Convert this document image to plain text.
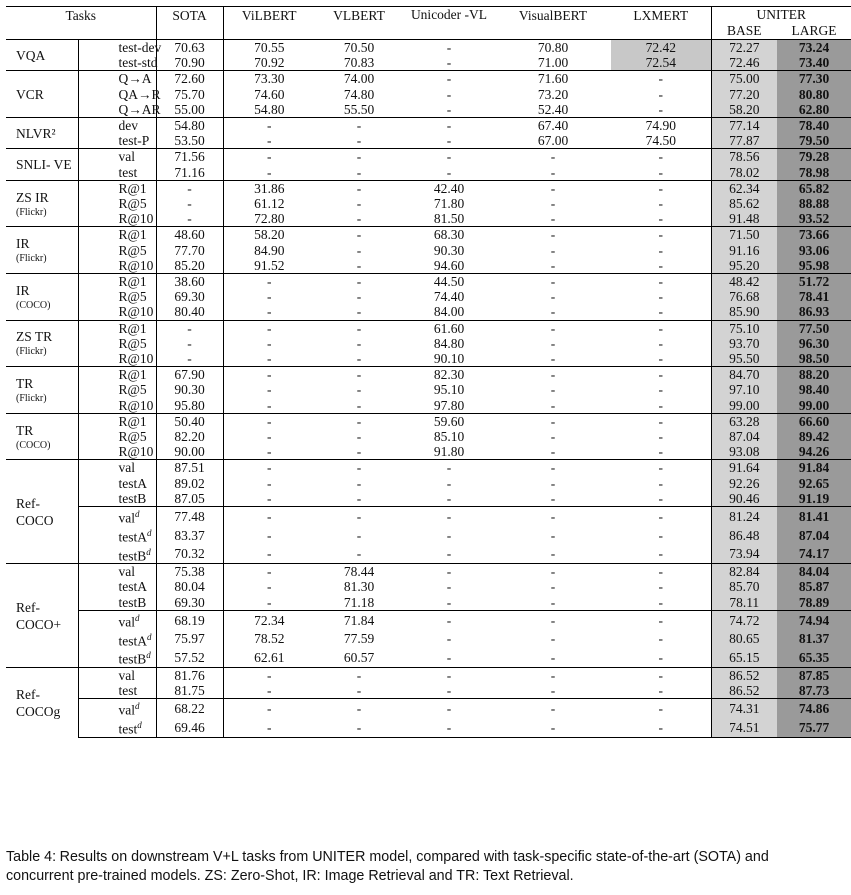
Tasks		SOTA	ViLBERT	VLBERT	Unicoder -VL	VisualBERT	LXMERT	UNITER	
								BASE	LARGE
VQA	test-dev	70.63	70.55	70.50	-	70.80	72.42	72.27	73.24
	test-std	70.90	70.92	70.83	-	71.00	72.54	72.46	73.40
VCR	Q→A	72.60	73.30	74.00	-	71.60	-	75.00	77.30
	QA→R	75.70	74.60	74.80	-	73.20	-	77.20	80.80
	Q→AR	55.00	54.80	55.50	-	52.40	-	58.20	62.80
NLVR²	dev	54.80	-	-	-	67.40	74.90	77.14	78.40
	test-P	53.50	-	-	-	67.00	74.50	77.87	79.50
SNLI- VE	val	71.56	-	-	-	-	-	78.56	79.28
	test	71.16	-	-	-	-	-	78.02	78.98
ZS IR
(Flickr)	R@1	-	31.86	-	42.40	-	-	62.34	65.82
	R@5	-	61.12	-	71.80	-	-	85.62	88.88
	R@10	-	72.80	-	81.50	-	-	91.48	93.52
IR
(Flickr)	R@1	48.60	58.20	-	68.30	-	-	71.50	73.66
	R@5	77.70	84.90	-	90.30	-	-	91.16	93.06
	R@10	85.20	91.52	-	94.60	-	-	95.20	95.98
IR
(COCO)	R@1	38.60	-	-	44.50	-	-	48.42	51.72
	R@5	69.30	-	-	74.40	-	-	76.68	78.41
	R@10	80.40	-	-	84.00	-	-	85.90	86.93
ZS TR
(Flickr)	R@1	-	-	-	61.60	-	-	75.10	77.50
	R@5	-	-	-	84.80	-	-	93.70	96.30
	R@10	-	-	-	90.10	-	-	95.50	98.50
TR
(Flickr)	R@1	67.90	-	-	82.30	-	-	84.70	88.20
	R@5	90.30	-	-	95.10	-	-	97.10	98.40
	R@10	95.80	-	-	97.80	-	-	99.00	99.00
TR
(COCO)	R@1	50.40	-	-	59.60	-	-	63.28	66.60
	R@5	82.20	-	-	85.10	-	-	87.04	89.42
	R@10	90.00	-	-	91.80	-	-	93.08	94.26
Ref- COCO	val	87.51	-	-	-	-	-	91.64	91.84
	testA	89.02	-	-	-	-	-	92.26	92.65
	testB	87.05	-	-	-	-	-	90.46	91.19
	val$^d$	77.48	-	-	-	-	-	81.24	81.41
	testA$^d$	83.37	-	-	-	-	-	86.48	87.04
	testB$^d$	70.32	-	-	-	-	-	73.94	74.17
Ref- COCO+	val	75.38	-	78.44	-	-	-	82.84	84.04
	testA	80.04	-	81.30	-	-	-	85.70	85.87
	testB	69.30	-	71.18	-	-	-	78.11	78.89
	val$^d$	68.19	72.34	71.84	-	-	-	74.72	74.94
	testA$^d$	75.97	78.52	77.59	-	-	-	80.65	81.37
	testB$^d$	57.52	62.61	60.57	-	-	-	65.15	65.35
Ref- COCOg	val	81.76	-	-	-	-	-	86.52	87.85
	test	81.75	-	-	-	-	-	86.52	87.73
	val$^d$	68.22	-	-	-	-	-	74.31	74.86
	test$^d$	69.46	-	-	-	-	-	74.51	75.77
Table 4: Results on downstream V+L tasks from UNITER model, compared with task-specific state-of-the-art (SOTA) and concurrent pre-trained models. ZS: Zero-Shot, IR: Image Retrieval and TR: Text Retrieval.
